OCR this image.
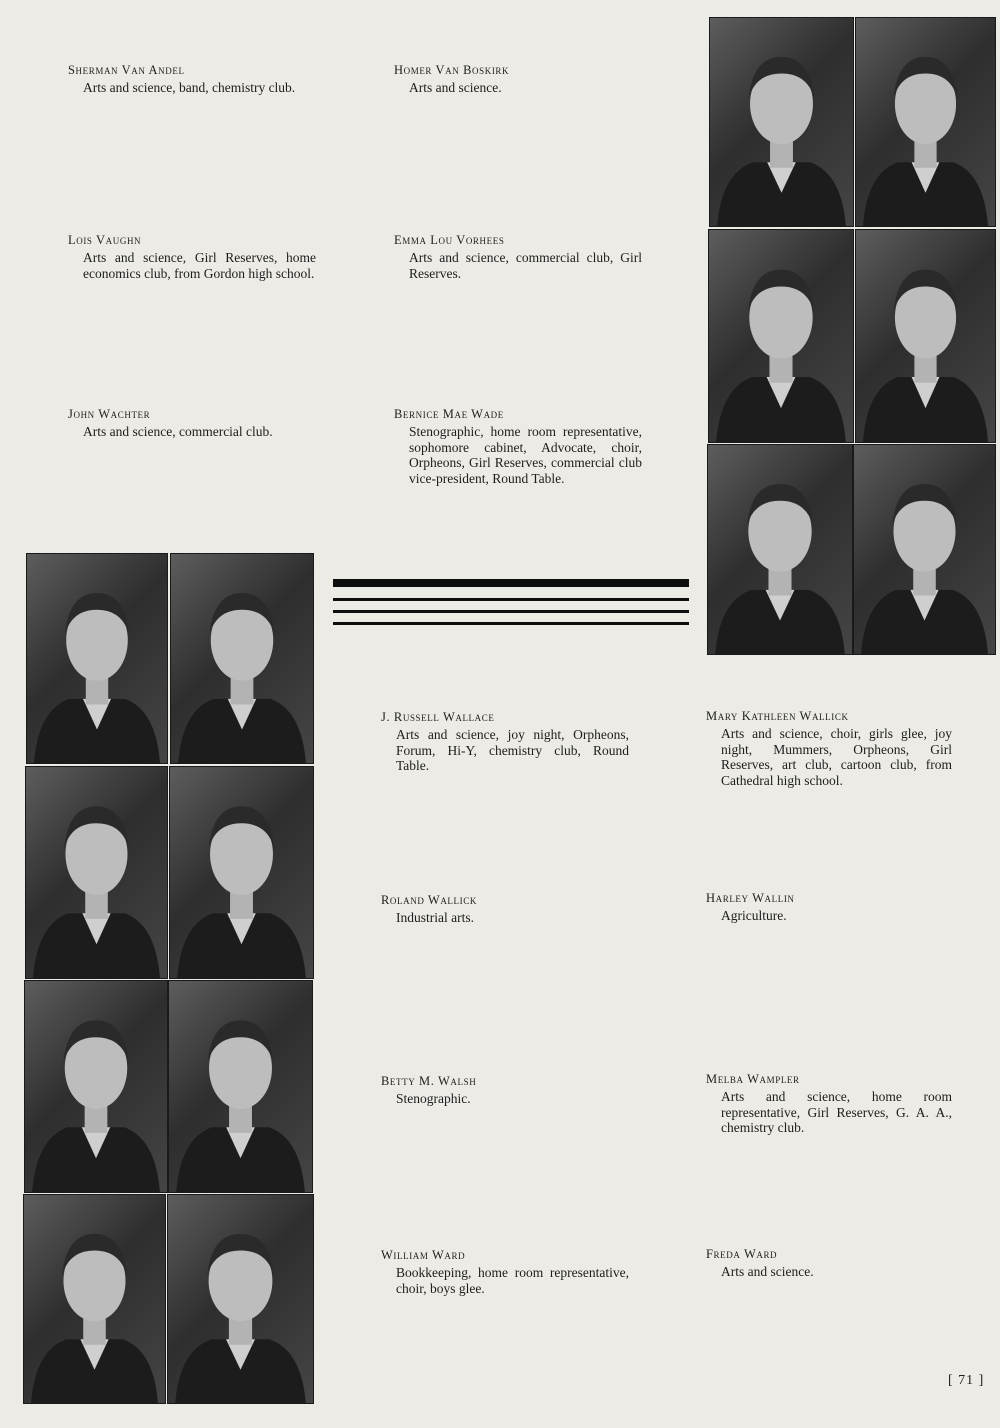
Sherman Van Andel
Arts and science, band, chemistry club.
Homer Van Boskirk
Arts and science.
Lois Vaughn
Arts and science, Girl Reserves, home economics club, from Gordon high school.
Emma Lou Vorhees
Arts and science, commercial club, Girl Reserves.
John Wachter
Arts and science, commercial club.
Bernice Mae Wade
Stenographic, home room representative, sophomore cabinet, Advocate, choir, Orpheons, Girl Reserves, commercial club vice-president, Round Table.
J. Russell Wallace
Arts and science, joy night, Orpheons, Forum, Hi-Y, chemistry club, Round Table.
Mary Kathleen Wallick
Arts and science, choir, girls glee, joy night, Mummers, Orpheons, Girl Reserves, art club, cartoon club, from Cathedral high school.
Roland Wallick
Industrial arts.
Harley Wallin
Agriculture.
Betty M. Walsh
Stenographic.
Melba Wampler
Arts and science, home room representative, Girl Reserves, G. A. A., chemistry club.
William Ward
Bookkeeping, home room representative, choir, boys glee.
Freda Ward
Arts and science.
[ 71 ]
